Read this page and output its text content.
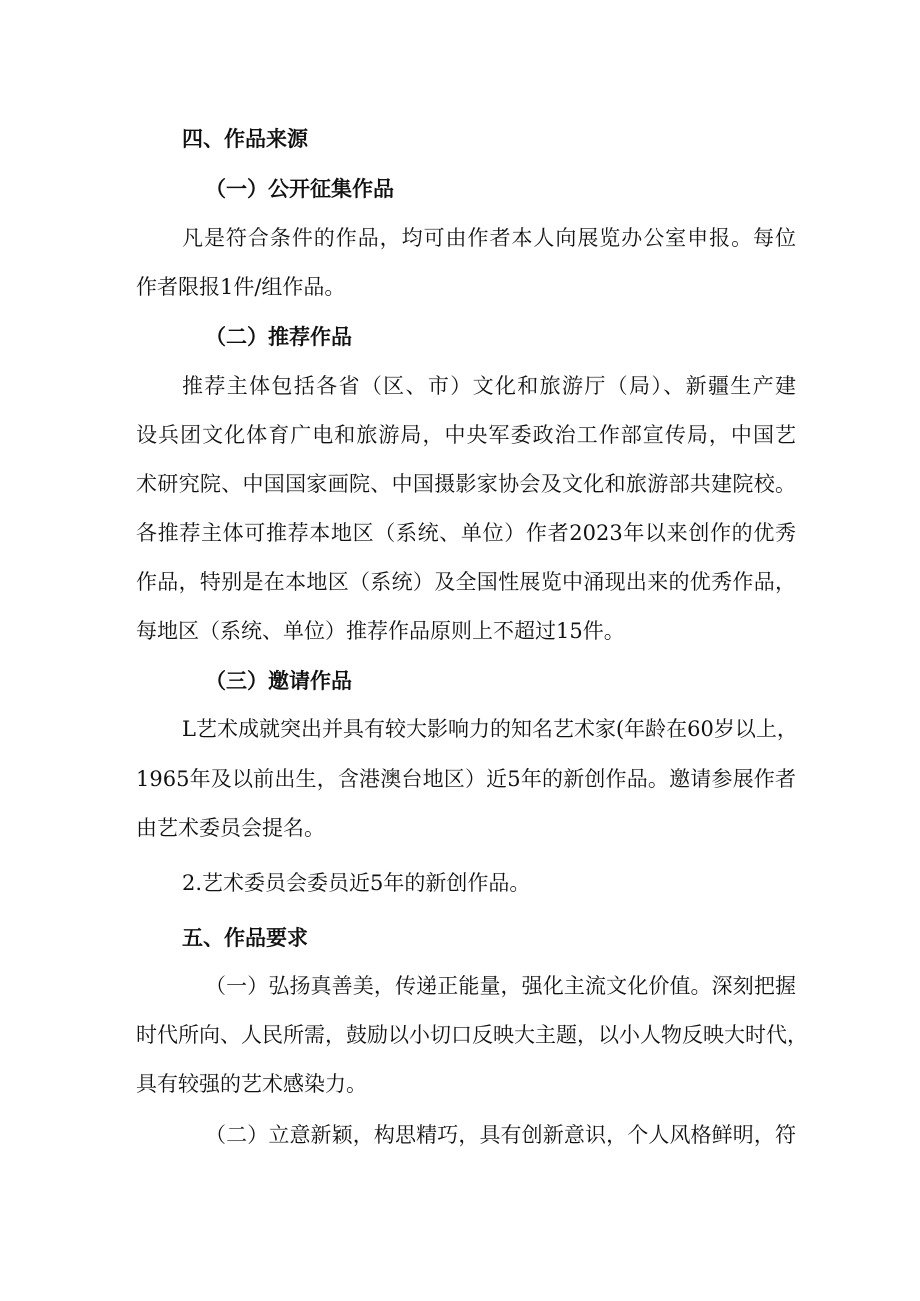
四、作品来源
（一）公开征集作品
凡是符合条件的作品，均可由作者本人向展览办公室申报。每位
作者限报1件/组作品。
（二）推荐作品
推荐主体包括各省（区、市）文化和旅游厅（局）、新疆生产建
设兵团文化体育广电和旅游局，中央军委政治工作部宣传局，中国艺
术研究院、中国国家画院、中国摄影家协会及文化和旅游部共建院校。
各推荐主体可推荐本地区（系统、单位）作者2023年以来创作的优秀
作品，特别是在本地区（系统）及全国性展览中涌现出来的优秀作品，
每地区（系统、单位）推荐作品原则上不超过15件。
（三）邀请作品
L艺术成就突出并具有较大影响力的知名艺术家(年龄在60岁以上，
1965年及以前出生，含港澳台地区）近5年的新创作品。邀请参展作者
由艺术委员会提名。
2.艺术委员会委员近5年的新创作品。
五、作品要求
（一）弘扬真善美，传递正能量，强化主流文化价值。深刻把握
时代所向、人民所需，鼓励以小切口反映大主题，以小人物反映大时代，
具有较强的艺术感染力。
（二）立意新颖，构思精巧，具有创新意识，个人风格鲜明，符
